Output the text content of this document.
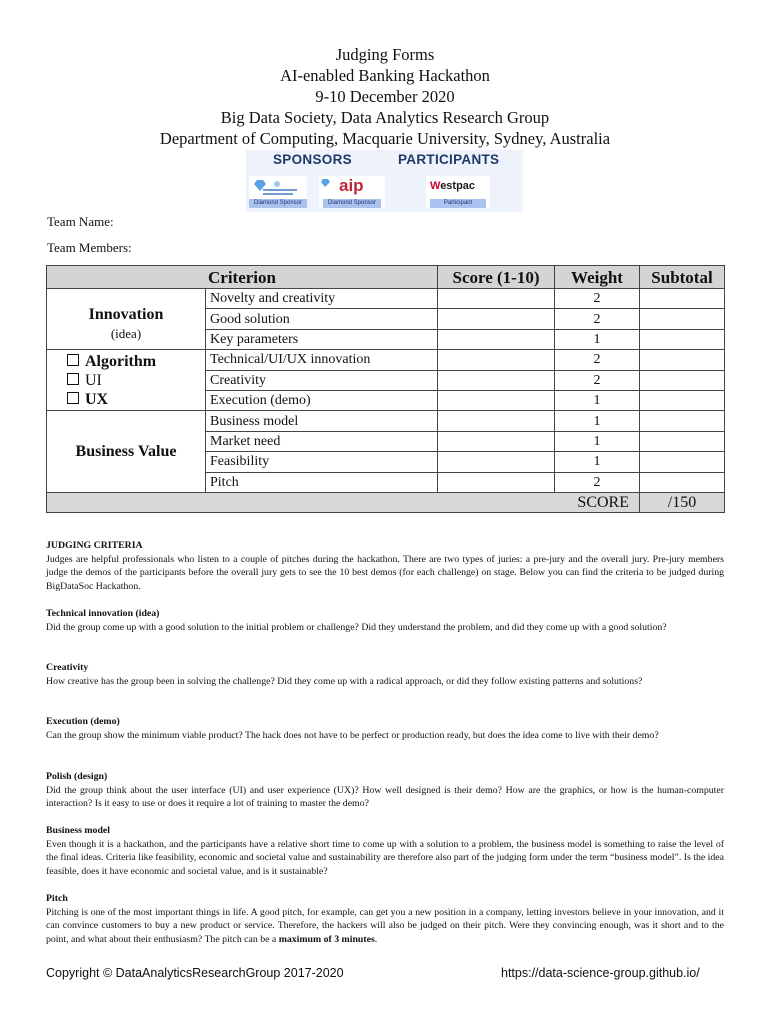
Judging Forms
AI-enabled Banking Hackathon
9-10 December 2020
Big Data Society, Data Analytics Research Group
Department of Computing, Macquarie University, Sydney, Australia
SPONSORS	PARTICIPANTS
Diamond Sponsor
aip
Diamond Sponsor
Westpac
Participant
Team Name:
Team Members:
Criterion		Score (1-10)	Weight	Subtotal

Innovation
(idea)	Novelty and creativity		2	
	Good solution		2	
	Key parameters		1	

Algorithm
UI
UX	Technical/UI/UX innovation		2	
	Creativity		2	
	Execution (demo)		1	
Business Value	Business model		1	
	Market need		1	
	Feasibility		1	
	Pitch		2	
SCORE				/150
JUDGING CRITERIA
Judges are helpful professionals who listen to a couple of pitches during the hackathon. There are two types of juries: a pre-jury and the overall jury. Pre-jury members judge the demos of the participants before the overall jury gets to see the 10 best demos (for each challenge) on stage. Below you can find the criteria to be judged during BigDataSoc Hackathon.
Technical innovation (idea)
Did the group come up with a good solution to the initial problem or challenge? Did they understand the problem, and did they come up with a good solution?
Creativity
How creative has the group been in solving the challenge? Did they come up with a radical approach, or did they follow existing patterns and solutions?
Execution (demo)
Can the group show the minimum viable product? The hack does not have to be perfect or production ready, but does the idea come to live with their demo?
Polish (design)
Did the group think about the user interface (UI) and user experience (UX)? How well designed is their demo? How are the graphics, or how is the human-computer interaction? Is it easy to use or does it require a lot of training to master the demo?
Business model
Even though it is a hackathon, and the participants have a relative short time to come up with a solution to a problem, the business model is something to raise the level of the final ideas. Criteria like feasibility, economic and societal value and sustainability are therefore also part of the judging form under the term “business model”. Is the idea feasible, does it have economic and societal value, and is it sustainable?
Pitch
Pitching is one of the most important things in life. A good pitch, for example, can get you a new position in a company, letting investors believe in your innovation, and it can convince customers to buy a new product or service. Therefore, the hackers will also be judged on their pitch. Were they convincing enough, was it short and to the point, and what about their enthusiasm? The pitch can be a maximum of 3 minutes.
Copyright © DataAnalyticsResearchGroup 2017-2020	https://data-science-group.github.io/
